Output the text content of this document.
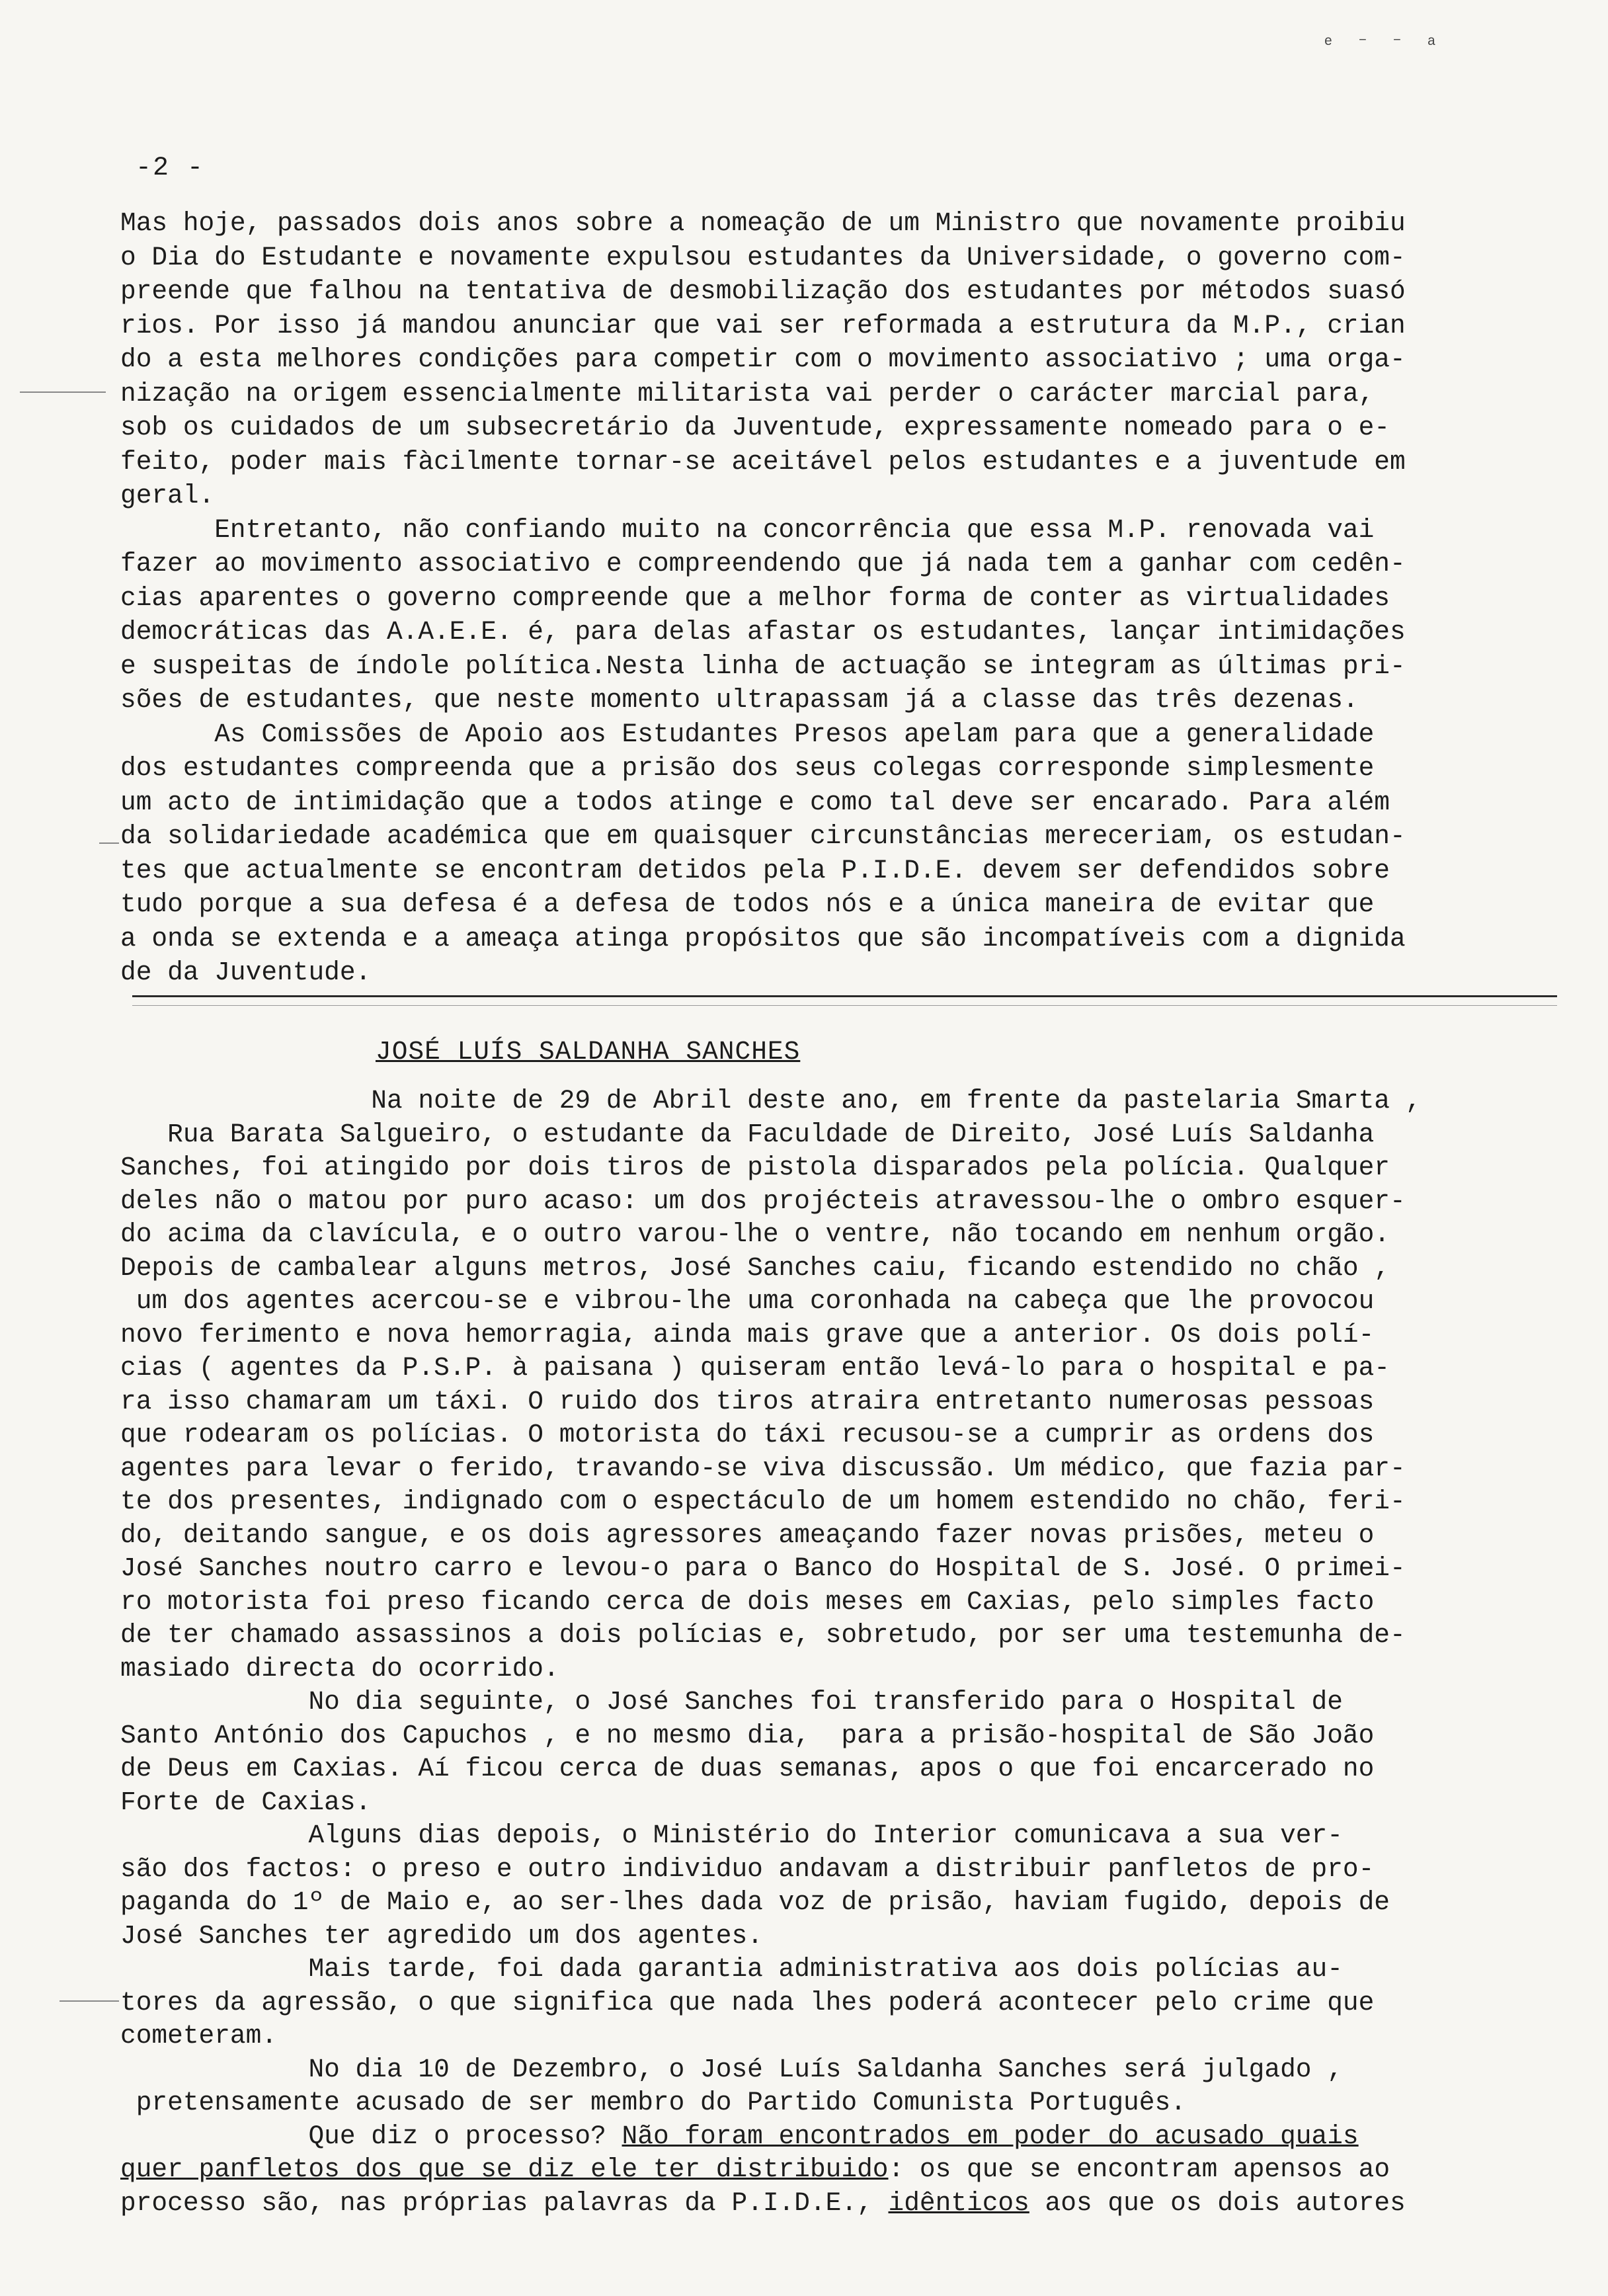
ᵉ ⁻ ⁻ ᵃ
-2 -
Mas hoje, passados dois anos sobre a nomeação de um Ministro que novamente proibiu
o Dia do Estudante e novamente expulsou estudantes da Universidade, o governo com-
preende que falhou na tentativa de desmobilização dos estudantes por métodos suasó
rios. Por isso já mandou anunciar que vai ser reformada a estrutura da M.P., crian
do a esta melhores condições para competir com o movimento associativo ; uma orga-
nização na origem essencialmente militarista vai perder o carácter marcial para,
sob os cuidados de um subsecretário da Juventude, expressamente nomeado para o e-
feito, poder mais fàcilmente tornar-se aceitável pelos estudantes e a juventude em
geral.
Entretanto, não confiando muito na concorrência que essa M.P. renovada vai
fazer ao movimento associativo e compreendendo que já nada tem a ganhar com cedên-
cias aparentes o governo compreende que a melhor forma de conter as virtualidades
democráticas das A.A.E.E. é, para delas afastar os estudantes, lançar intimidações
e suspeitas de índole política.Nesta linha de actuação se integram as últimas pri-
sões de estudantes, que neste momento ultrapassam já a classe das três dezenas.
As Comissões de Apoio aos Estudantes Presos apelam para que a generalidade
dos estudantes compreenda que a prisão dos seus colegas corresponde simplesmente
um acto de intimidação que a todos atinge e como tal deve ser encarado. Para além
da solidariedade académica que em quaisquer circunstâncias mereceriam, os estudan-
tes que actualmente se encontram detidos pela P.I.D.E. devem ser defendidos sobre
tudo porque a sua defesa é a defesa de todos nós e a única maneira de evitar que
a onda se extenda e a ameaça atinga propósitos que são incompatíveis com a dignida
de da Juventude.
JOSÉ LUÍS SALDANHA SANCHES
Na noite de 29 de Abril deste ano, em frente da pastelaria Smarta ,
Rua Barata Salgueiro, o estudante da Faculdade de Direito, José Luís Saldanha
Sanches, foi atingido por dois tiros de pistola disparados pela polícia. Qualquer
deles não o matou por puro acaso: um dos projécteis atravessou-lhe o ombro esquer-
do acima da clavícula, e o outro varou-lhe o ventre, não tocando em nenhum orgão.
Depois de cambalear alguns metros, José Sanches caiu, ficando estendido no chão ,
um dos agentes acercou-se e vibrou-lhe uma coronhada na cabeça que lhe provocou
novo ferimento e nova hemorragia, ainda mais grave que a anterior. Os dois polí-
cias ( agentes da P.S.P. à paisana ) quiseram então levá-lo para o hospital e pa-
ra isso chamaram um táxi. O ruido dos tiros atraira entretanto numerosas pessoas
que rodearam os polícias. O motorista do táxi recusou-se a cumprir as ordens dos
agentes para levar o ferido, travando-se viva discussão. Um médico, que fazia par-
te dos presentes, indignado com o espectáculo de um homem estendido no chão, feri-
do, deitando sangue, e os dois agressores ameaçando fazer novas prisões, meteu o
José Sanches noutro carro e levou-o para o Banco do Hospital de S. José. O primei-
ro motorista foi preso ficando cerca de dois meses em Caxias, pelo simples facto
de ter chamado assassinos a dois polícias e, sobretudo, por ser uma testemunha de-
masiado directa do ocorrido.
No dia seguinte, o José Sanches foi transferido para o Hospital de
Santo António dos Capuchos , e no mesmo dia,  para a prisão-hospital de São João
de Deus em Caxias. Aí ficou cerca de duas semanas, apos o que foi encarcerado no
Forte de Caxias.
Alguns dias depois, o Ministério do Interior comunicava a sua ver-
são dos factos: o preso e outro individuo andavam a distribuir panfletos de pro-
paganda do 1º de Maio e, ao ser-lhes dada voz de prisão, haviam fugido, depois de
José Sanches ter agredido um dos agentes.
Mais tarde, foi dada garantia administrativa aos dois polícias au-
tores da agressão, o que significa que nada lhes poderá acontecer pelo crime que
cometeram.
No dia 10 de Dezembro, o José Luís Saldanha Sanches será julgado ,
pretensamente acusado de ser membro do Partido Comunista Português.
Que diz o processo? Não foram encontrados em poder do acusado quais
quer panfletos dos que se diz ele ter distribuido: os que se encontram apensos ao
processo são, nas próprias palavras da P.I.D.E., idênticos aos que os dois autores
